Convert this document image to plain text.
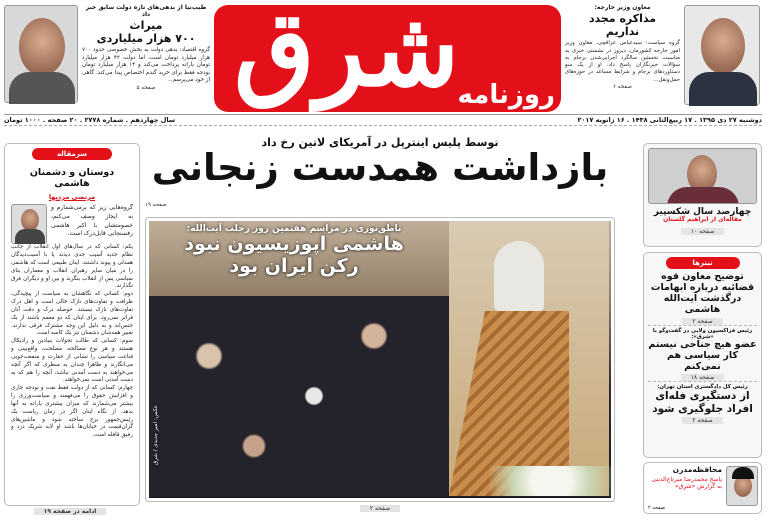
طیب‌نیا از بدهی‌های تازه دولت سابق خبر داد
میراث
۷۰۰ هزار میلیاردی
گروه اقتصاد: بدهی دولت به بخش خصوصی حدود ۷۰۰ هزار میلیارد تومان است، اما دولت ۴۲ هزار میلیارد تومان یارانه پرداخت می‌کند و ۱۴ هزار میلیارد تومان بودجه فقط برای خرید گندم اختصاص پیدا می‌کند. گاهی از خود می‌پرسم...
صفحه ۵ شرق
روزنامه
معاون وزیر خارجه:
مذاکره مجدد
نداریم
گروه سیاست: سیدعباس عراقچی، معاون وزیر امور خارجه کشورمان، دیروز در نشستی خبری به مناسبت نخستین سالگرد اجرایی‌شدن برجام به سؤالات خبرنگاران پاسخ داد. او از یک سو دستاوردهای برجام و شرایط مساعد در حوزه‌های حمل‌ونقل...
صفحه ۶
سال چهاردهم . شماره ۲۷۷۸ . ۲۰ صفحه . ۱۰۰۰ تومان	دوشنبه ۲۷ دی ۱۳۹۵ . ۱۷ ربیع‌الثانی ۱۴۳۸ . ۱۶ ژانویه ۲۰۱۷
توسط پلیس اینترپل در آمریکای لاتین رخ داد
بازداشت همدست زنجانی
صفحه ۱۹
ناطق‌نوری در مراسم هفتمین روز رحلت آیت‌الله:
هاشمی اپوزیسیون نبود
رکن ایران بود
عکس: امیر جدیدی / شرق
صفحه ۲
سرمقاله
دوستان و دشمنان هاشمی
مرتضی مردیها
گروه‌هایی زیر که برمی‌شمارم و به ایجاز وصف می‌کنم، خصومتشان با اکبر هاشمی رفسنجانی قابل‌درک است.
یکم: کسانی که در سال‌های اول انقلاب از جانب نظام جدید آسیب جدی دیدند یا با آسیب‌دیدگان همدلی و پیوند داشتند. اینان طبیعی است که هاشمی را در میان سایر رهبران انقلاب و معماران بنای سیاسی پس از انقلاب بنگرند و بین او و دیگران فرق نگذارند.
دوم: کسانی که نگاهشان به سیاست از پیچیدگی، ظرافت و تفاوت‌های نازک خالی است و اهل درک تفاوت‌های نازک نیستند. حوصله درک و دقت آنان فراتر نمی‌رود. برای اینان که دو معمم باشند از یک جنس‌اند و به دلیل این وجه مشترک فرقی ندارند. تعبیر همه‌شان دشمنان نیز یک کاسه است.
سوم: کسانی که طالب تحولات بنیادین و رادیکال هستند و هر نوع مصالحه، مصلحت، واقع‌بینی و قناعت سیاسی را نشانی از حقارت و منفعت‌جویی می‌انگارند و ظاهرا چندان به منظری که اگر آنچه می‌خواهند به دست آمدنی نباشد، آنچه را هم که به دست آمدنی است نمی‌خواهند.
چهارم: کسانی که از دولت فقط نفت و بودجه جاری و افزایش حقوق را می‌فهمند و سیاست‌ورزی را بیشتر می‌شمارند که میزان بیشتری یارانه به آنها بدهد. از نگاه اینان اگر در زمان ریاست یک رئیس‌جمهور برج ساخته شود و ماشین‌های گران‌قیمت در خیابان‌ها باشد او لابد شریک دزد و رفیق قافله است.
ادامه در صفحه ۱۹
چهارصد سال شکسپیر
مقاله‌ای از ابراهیم گلستان
صفحه ۱۰
تیترها
توضیح معاون قوه قضائیه درباره ابهامات درگذشت آیت‌الله هاشمی
صفحه ۲
رئیس فراکسیون ولایی در گفت‌وگو با «شرق»:
عضو هیچ جناحی نیستم کار سیاسی هم نمی‌کنم
صفحه ۱۸
رئیس کل دادگستری استان تهران:
از دستگیری فله‌ای افراد جلوگیری شود
صفحه ۲
محافظه‌مدرن
پاسخ محمدرضا میرتاج‌الدینی به گزارش «شرق»
صفحه ۲
